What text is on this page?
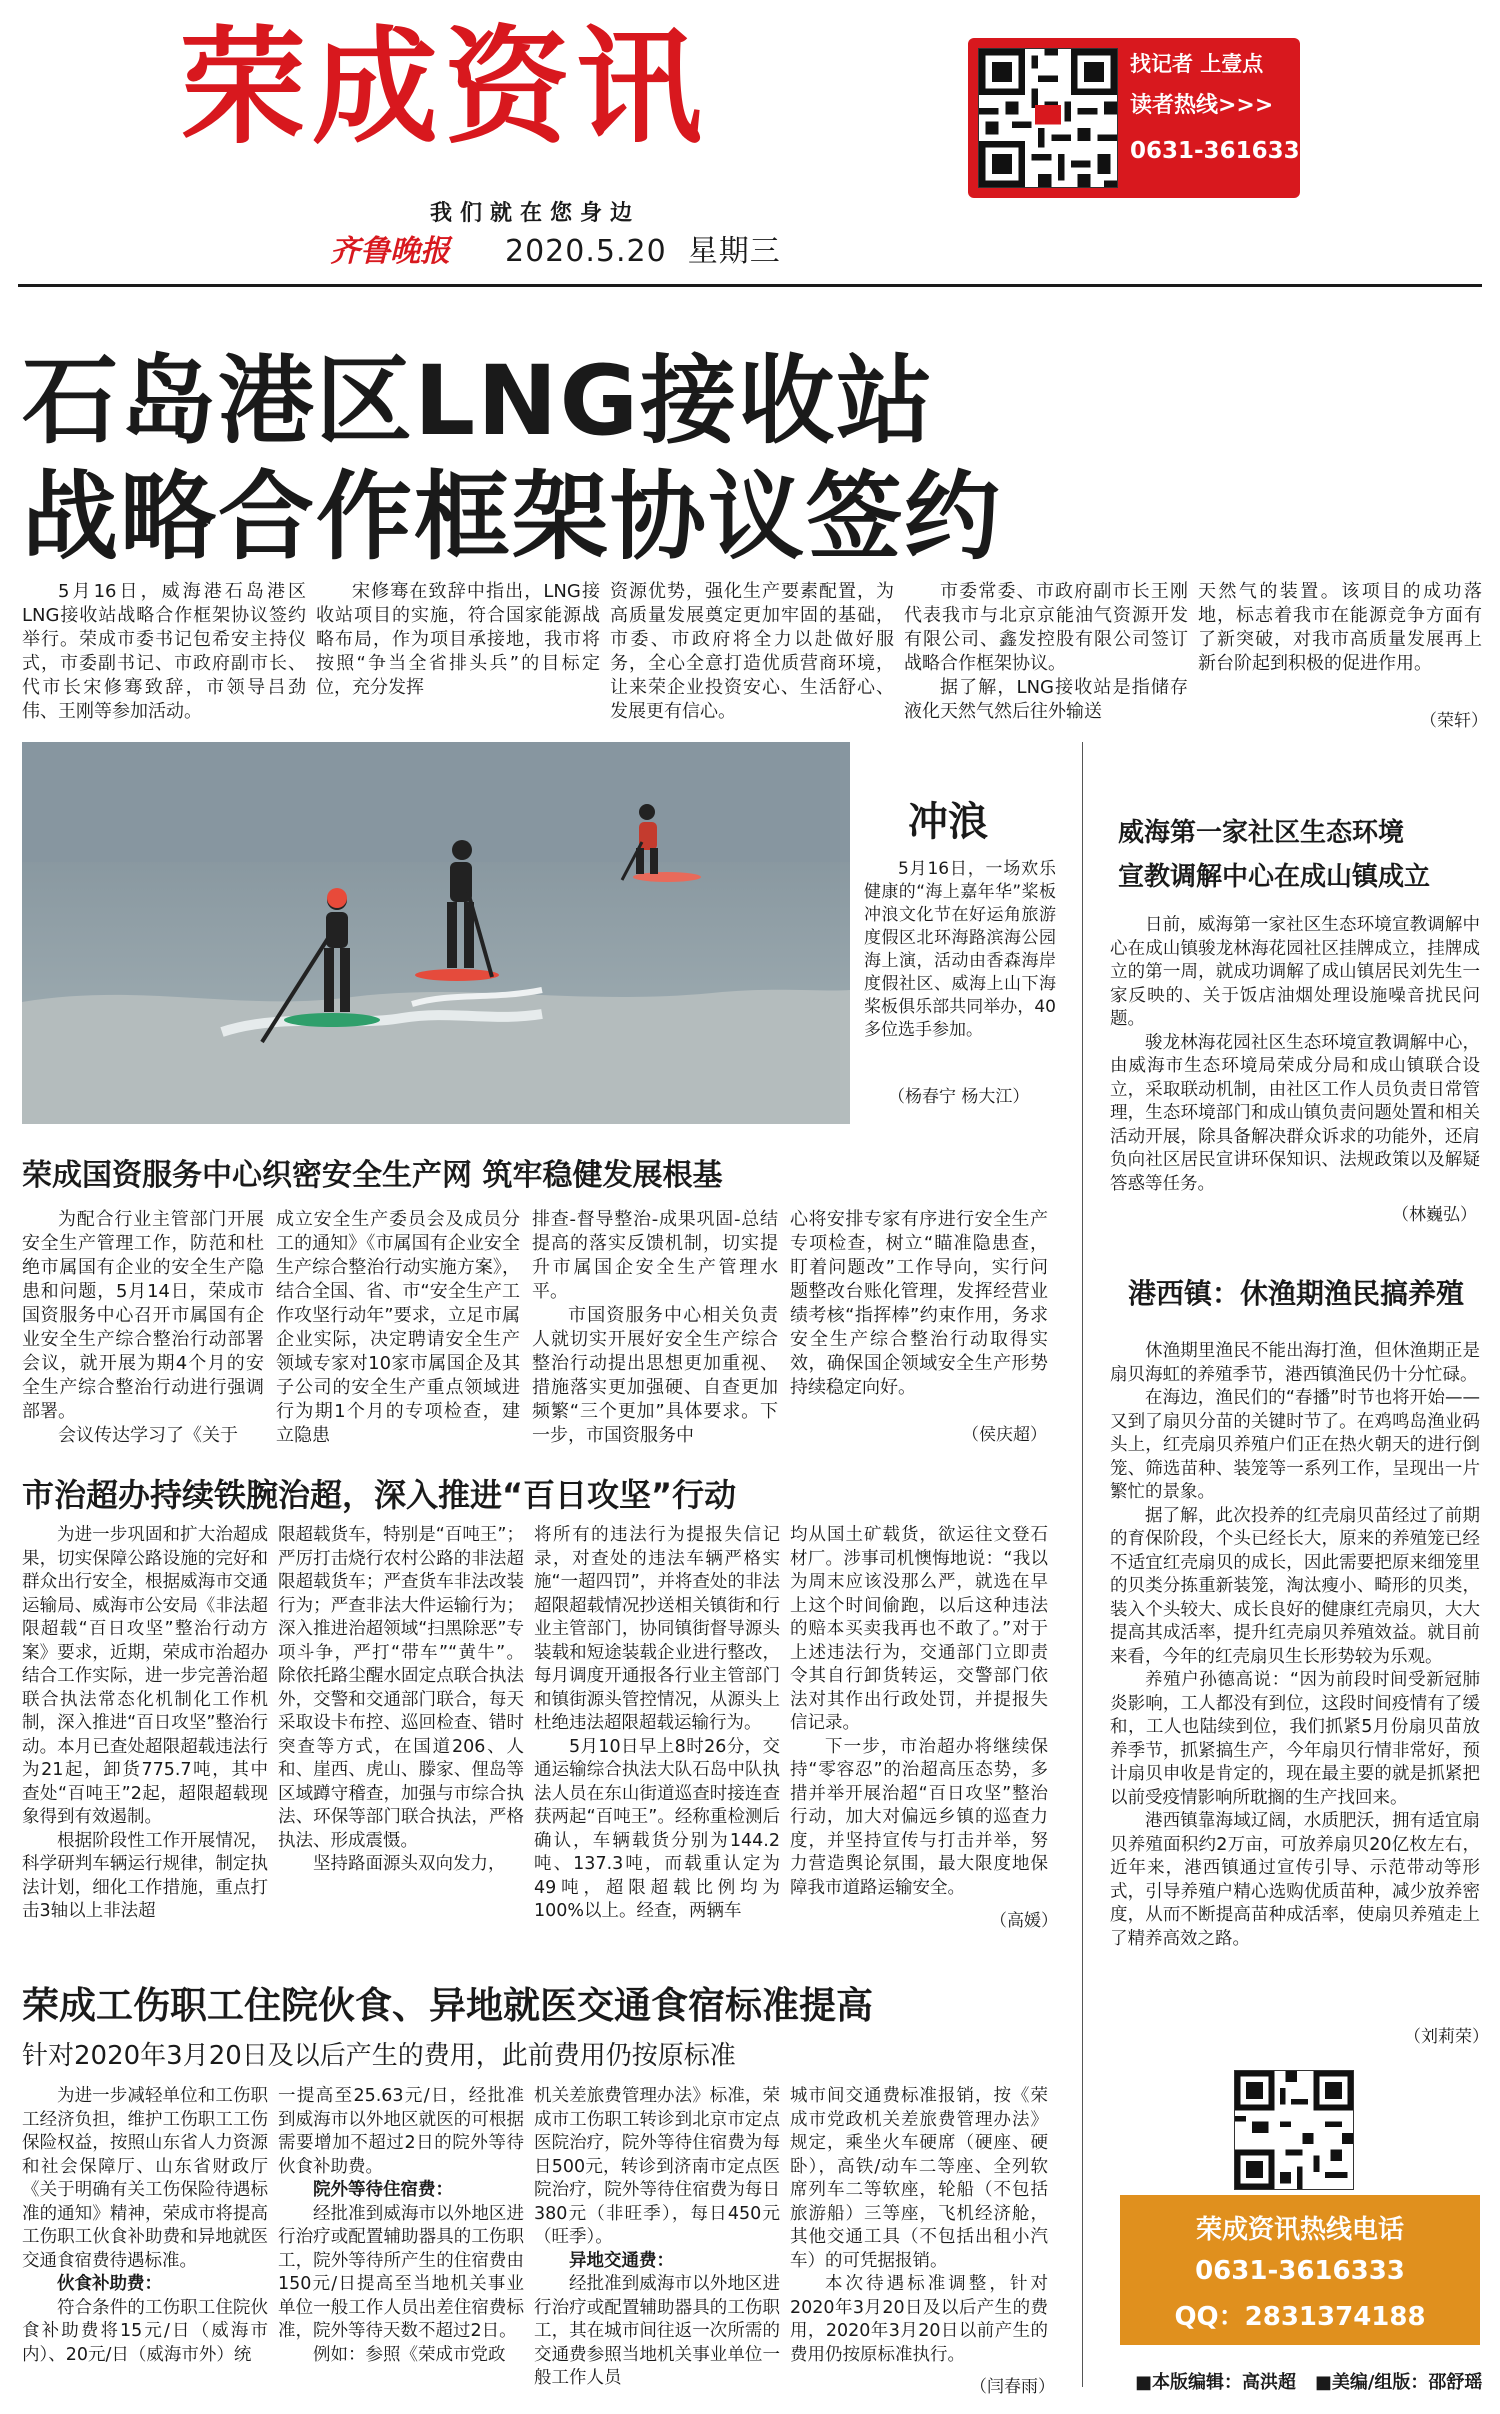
荣成资讯
我们就在您身边
齐鲁晚报 2020.5.20 星期三
找记者 上壹点
读者热线>>>
0631-3616333
石岛港区LNG接收站
战略合作框架协议签约

5月16日，威海港石岛港区LNG接收站战略合作框架协议签约举行。荣成市委书记包希安主持仪式，市委副书记、市政府副市长、代市长宋修骞致辞，市领导吕劲伟、王刚等参加活动。

宋修骞在致辞中指出，LNG接收站项目的实施，符合国家能源战略布局，作为项目承接地，我市将按照“争当全省排头兵”的目标定位，充分发挥

资源优势，强化生产要素配置，为高质量发展奠定更加牢固的基础，市委、市政府将全力以赴做好服务，全心全意打造优质营商环境，让来荣企业投资安心、生活舒心、发展更有信心。

市委常委、市政府副市长王刚代表我市与北京京能油气资源开发有限公司、鑫发控股有限公司签订战略合作框架协议。

据了解，LNG接收站是指储存液化天然气然后往外输送

天然气的装置。该项目的成功落地，标志着我市在能源竞争方面有了新突破，对我市高质量发展再上新台阶起到积极的促进作用。

（荣轩）
冲浪

5月16日，一场欢乐健康的“海上嘉年华”桨板冲浪文化节在好运角旅游度假区北环海路滨海公园海上演，活动由香森海岸度假社区、威海上山下海桨板俱乐部共同举办，40多位选手参加。

（杨春宁 杨大江）
荣成国资服务中心织密安全生产网 筑牢稳健发展根基

为配合行业主管部门开展安全生产管理工作，防范和杜绝市属国有企业的安全生产隐患和问题，5月14日，荣成市国资服务中心召开市属国有企业安全生产综合整治行动部署会议，就开展为期4个月的安全生产综合整治行动进行强调部署。

会议传达学习了《关于

成立安全生产委员会及成员分工的通知》《市属国有企业安全生产综合整治行动实施方案》，结合全国、省、市“安全生产工作攻坚行动年”要求，立足市属企业实际，决定聘请安全生产领域专家对10家市属国企及其子公司的安全生产重点领域进行为期1个月的专项检查，建立隐患

排查-督导整治-成果巩固-总结提高的落实反馈机制，切实提升市属国企安全生产管理水平。

市国资服务中心相关负责人就切实开展好安全生产综合整治行动提出思想更加重视、措施落实更加强硬、自查更加频繁“三个更加”具体要求。下一步，市国资服务中

心将安排专家有序进行安全生产专项检查，树立“瞄准隐患查，盯着问题改”工作导向，实行问题整改台账化管理，发挥经营业绩考核“指挥棒”约束作用，务求安全生产综合整治行动取得实效，确保国企领域安全生产形势持续稳定向好。

（侯庆超）
市治超办持续铁腕治超，深入推进“百日攻坚”行动

为进一步巩固和扩大治超成果，切实保障公路设施的完好和群众出行安全，根据威海市交通运输局、威海市公安局《非法超限超载“百日攻坚”整治行动方案》要求，近期，荣成市治超办结合工作实际，进一步完善治超联合执法常态化机制化工作机制，深入推进“百日攻坚”整治行动。本月已查处超限超载违法行为21起，卸货775.7吨，其中查处“百吨王”2起，超限超载现象得到有效遏制。

根据阶段性工作开展情况，科学研判车辆运行规律，制定执法计划，细化工作措施，重点打击3轴以上非法超

限超载货车，特别是“百吨王”；严厉打击烧行农村公路的非法超限超载货车；严查货车非法改装行为；严查非法大件运输行为；深入推进治超领域“扫黑除恶”专项斗争，严打“带车”“黄牛”。除依托路尘醒水固定点联合执法外，交警和交通部门联合，每天采取设卡布控、巡回检查、错时突查等方式，在国道206、人和、崖西、虎山、滕家、俚岛等区域蹲守稽查，加强与市综合执法、环保等部门联合执法，严格执法、形成震慑。

坚持路面源头双向发力，

将所有的违法行为提报失信记录，对查处的违法车辆严格实施“一超四罚”，并将查处的非法超限超载情况抄送相关镇街和行业主管部门，协同镇街督导源头装载和短途装载企业进行整改，每月调度开通报各行业主管部门和镇街源头管控情况，从源头上杜绝违法超限超载运输行为。

5月10日早上8时26分，交通运输综合执法大队石岛中队执法人员在东山街道巡查时接连查获两起“百吨王”。经称重检测后确认，车辆载货分别为144.2吨、137.3吨，而载重认定为49吨，超限超载比例均为100%以上。经查，两辆车

均从国土矿载货，欲运往文登石材厂。涉事司机懊悔地说：“我以为周末应该没那么严，就选在早上这个时间偷跑，以后这种违法的赔本买卖我再也不敢了。”对于上述违法行为，交通部门立即责令其自行卸货转运，交警部门依法对其作出行政处罚，并提报失信记录。

下一步，市治超办将继续保持“零容忍”的治超高压态势，多措并举开展治超“百日攻坚”整治行动，加大对偏远乡镇的巡查力度，并坚持宣传与打击并举，努力营造舆论氛围，最大限度地保障我市道路运输安全。

（高媛）
荣成工伤职工住院伙食、异地就医交通食宿标准提高
针对2020年3月20日及以后产生的费用，此前费用仍按原标准

为进一步减轻单位和工伤职工经济负担，维护工伤职工工伤保险权益，按照山东省人力资源和社会保障厅、山东省财政厅《关于明确有关工伤保险待遇标准的通知》精神，荣成市将提高工伤职工伙食补助费和异地就医交通食宿费待遇标准。

伙食补助费：

符合条件的工伤职工住院伙食补助费将15元/日（威海市内）、20元/日（威海市外）统

一提高至25.63元/日，经批准到威海市以外地区就医的可根据需要增加不超过2日的院外等待伙食补助费。

院外等待住宿费：

经批准到威海市以外地区进行治疗或配置辅助器具的工伤职工，院外等待所产生的住宿费由150元/日提高至当地机关事业单位一般工作人员出差住宿费标准，院外等待天数不超过2日。

例如：参照《荣成市党政

机关差旅费管理办法》标准，荣成市工伤职工转诊到北京市定点医院治疗，院外等待住宿费为每日500元，转诊到济南市定点医院治疗，院外等待住宿费为每日380元（非旺季），每日450元（旺季）。

异地交通费：

经批准到威海市以外地区进行治疗或配置辅助器具的工伤职工，其在城市间往返一次所需的交通费参照当地机关事业单位一般工作人员

城市间交通费标准报销，按《荣成市党政机关差旅费管理办法》规定，乘坐火车硬席（硬座、硬卧），高铁/动车二等座、全列软席列车二等软座，轮船（不包括旅游船）三等座，飞机经济舱，其他交通工具（不包括出租小汽车）的可凭据报销。

本次待遇标准调整，针对2020年3月20日及以后产生的费用，2020年3月20日以前产生的费用仍按原标准执行。

（闫春雨）
威海第一家社区生态环境
宣教调解中心在成山镇成立

日前，威海第一家社区生态环境宣教调解中心在成山镇骏龙林海花园社区挂牌成立，挂牌成立的第一周，就成功调解了成山镇居民刘先生一家反映的、关于饭店油烟处理设施噪音扰民问题。

骏龙林海花园社区生态环境宣教调解中心，由威海市生态环境局荣成分局和成山镇联合设立，采取联动机制，由社区工作人员负责日常管理，生态环境部门和成山镇负责问题处置和相关活动开展，除具备解决群众诉求的功能外，还肩负向社区居民宣讲环保知识、法规政策以及解疑答惑等任务。

（林巍弘）
港西镇：休渔期渔民搞养殖

休渔期里渔民不能出海打渔，但休渔期正是扇贝海虹的养殖季节，港西镇渔民仍十分忙碌。

在海边，渔民们的“春播”时节也将开始——又到了扇贝分苗的关键时节了。在鸡鸣岛渔业码头上，红壳扇贝养殖户们正在热火朝天的进行倒笼、筛选苗种、装笼等一系列工作，呈现出一片繁忙的景象。

据了解，此次投养的红壳扇贝苗经过了前期的育保阶段，个头已经长大，原来的养殖笼已经不适宜红壳扇贝的成长，因此需要把原来细笼里的贝类分拣重新装笼，淘汰瘦小、畸形的贝类，装入个头较大、成长良好的健康红壳扇贝，大大提高其成活率，提升红壳扇贝养殖效益。就目前来看，今年的红壳扇贝生长形势较为乐观。

养殖户孙德高说：“因为前段时间受新冠肺炎影响，工人都没有到位，这段时间疫情有了缓和，工人也陆续到位，我们抓紧5月份扇贝苗放养季节，抓紧搞生产，今年扇贝行情非常好，预计扇贝申收是肯定的，现在最主要的就是抓紧把以前受疫情影响所耽搁的生产找回来。

港西镇靠海域辽阔，水质肥沃，拥有适宜扇贝养殖面积约2万亩，可放养扇贝20亿枚左右，近年来，港西镇通过宣传引导、示范带动等形式，引导养殖户精心选购优质苗种，减少放养密度，从而不断提高苗种成活率，使扇贝养殖走上了精养高效之路。

（刘莉荣）
荣成资讯热线电话
0631-3616333
QQ：2831374188
■本版编辑：高洪超 ■美编/组版：邵舒瑶
